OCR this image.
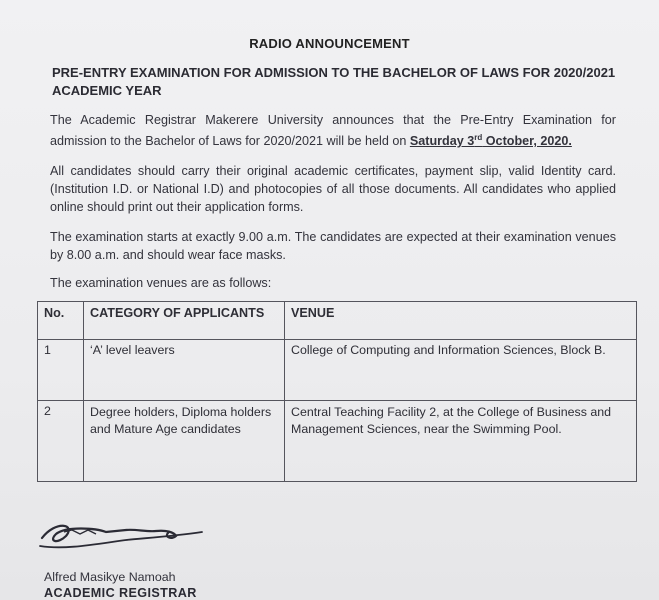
RADIO ANNOUNCEMENT
PRE-ENTRY EXAMINATION FOR ADMISSION TO THE BACHELOR OF LAWS FOR 2020/2021 ACADEMIC YEAR
The Academic Registrar Makerere University announces that the Pre-Entry Examination for admission to the Bachelor of Laws for 2020/2021 will be held on Saturday 3rd October, 2020.
All candidates should carry their original academic certificates, payment slip, valid Identity card. (Institution I.D. or National I.D) and photocopies of all those documents. All candidates who applied online should print out their application forms.
The examination starts at exactly 9.00 a.m. The candidates are expected at their examination venues by 8.00 a.m. and should wear face masks.
The examination venues are as follows:
No.	CATEGORY OF APPLICANTS	VENUE
1	‘A’ level leavers	College of Computing and Information Sciences, Block B.
2	Degree holders, Diploma holders and Mature Age candidates	Central Teaching Facility 2, at the College of Business and Management Sciences, near the Swimming Pool.
Alfred Masikye Namoah
ACADEMIC REGISTRAR
